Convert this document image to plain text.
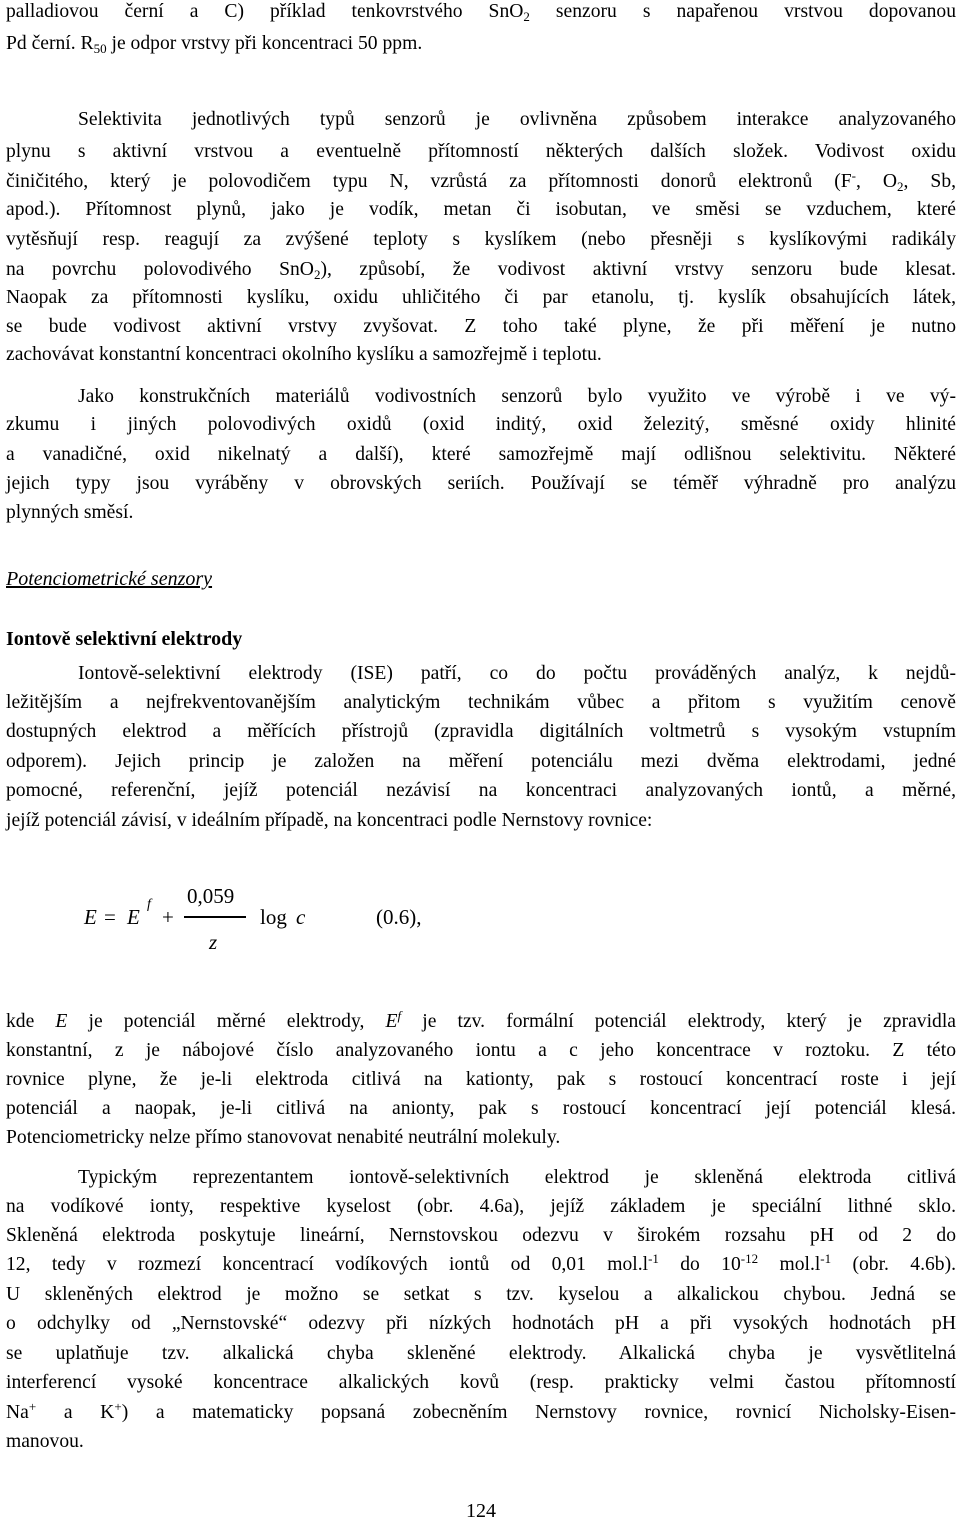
palladiovou černí a C) příklad tenkovrstvého SnO$_2$ senzoru s napařenou vrstvou dopovanou
Pd černí. $R_{50}$ je odpor vrstvy při koncentraci 50 ppm.
Selektivita jednotlivých typů senzorů je ovlivněna způsobem interakce analyzovaného
plynu s aktivní vrstvou a eventuelně přítomností některých dalších složek. Vodivost oxidu
činičitého, který je polovodičem typu N, vzrůstá za přítomnosti donorů elektronů (F-, $O_2$, Sb,
apod.). Přítomnost plynů, jako je vodík, metan či isobutan, ve směsi se vzduchem, které
vytěsňují resp. reagují za zvýšené teploty s kyslíkem (nebo přesněji s kyslíkovými radikály
na povrchu polovodivého SnO$_2$), způsobí, že vodivost aktivní vrstvy senzoru bude klesat.
Naopak za přítomnosti kyslíku, oxidu uhličitého či par etanolu, tj. kyslík obsahujících látek,
se bude vodivost aktivní vrstvy zvyšovat. Z toho také plyne, že při měření je nutno
zachovávat konstantní koncentraci okolního kyslíku a samozřejmě i teplotu.
Jako konstrukčních materiálů vodivostních senzorů bylo využito ve výrobě i ve vý-
zkumu i jiných polovodivých oxidů (oxid inditý, oxid železitý, směsné oxidy hlinité
a vanadičné, oxid nikelnatý a další), které samozřejmě mají odlišnou selektivitu. Některé
jejich typy jsou vyráběny v obrovských seriích. Používají se téměř výhradně pro analýzu
plynných směsí.
Potenciometrické senzory
Iontově selektivní elektrody
Iontově-selektivní elektrody (ISE) patří, co do počtu prováděných analýz, k nejdů-
ležitějším a nejfrekventovanějším analytickým technikám vůbec a přitom s využitím cenově
dostupných elektrod a měřících přístrojů (zpravidla digitálních voltmetrů s vysokým vstupním
odporem). Jejich princip je založen na měření potenciálu mezi dvěma elektrodami, jedné
pomocné, referenční, jejíž potenciál nezávisí na koncentraci analyzovaných iontů, a měrné,
jejíž potenciál závisí, v ideálním případě, na koncentraci podle Nernstovy rovnice:
E = E
f
+
0,059
z
log c	(0.6),
kde E je potenciál měrné elektrody, $E^f$ je tzv. formální potenciál elektrody, který je zpravidla
konstantní, z je nábojové číslo analyzovaného iontu a c jeho koncentrace v roztoku. Z této
rovnice plyne, že je-li elektroda citlivá na kationty, pak s rostoucí koncentrací roste i její
potenciál a naopak, je-li citlivá na anionty, pak s rostoucí koncentrací její potenciál klesá.
Potenciometricky nelze přímo stanovovat nenabité neutrální molekuly.
Typickým reprezentantem iontově-selektivních elektrod je skleněná elektroda citlivá
na vodíkové ionty, respektive kyselost (obr. 4.6a), jejíž základem je speciální lithné sklo.
Skleněná elektroda poskytuje lineární, Nernstovskou odezvu v širokém rozsahu pH od 2 do
12, tedy v rozmezí koncentrací vodíkových iontů od 0,01 $mol.l^{-1}$ do $10^{-12}$ $mol.l^{-1}$ (obr. 4.6b).
U skleněných elektrod je možno se setkat s tzv. kyselou a alkalickou chybou. Jedná se
o odchylky od „Nernstovské“ odezvy při nízkých hodnotách pH a při vysokých hodnotách pH
se uplatňuje tzv. alkalická chyba skleněné elektrody. Alkalická chyba je vysvětlitelná
interferencí vysoké koncentrace alkalických kovů (resp. prakticky velmi častou přítomností
Na+ a K+) a matematicky popsaná zobecněním Nernstovy rovnice, rovnicí Nicholsky-Eisen-
manovou.
124
